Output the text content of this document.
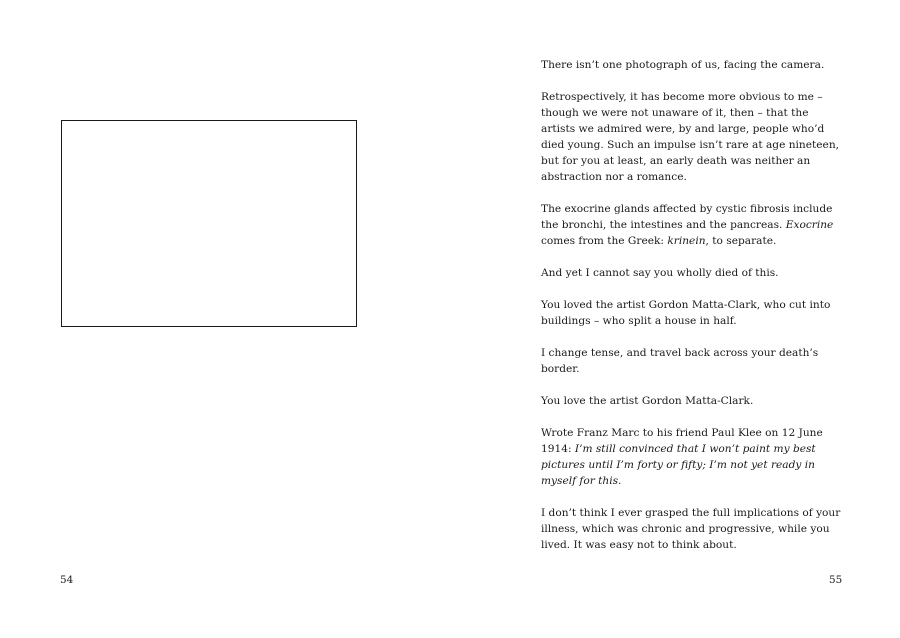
54

There isn’t one photograph of us, facing the camera.

Retrospectively, it has become more obvious to me – though we were not unaware of it, then – that the artists we admired were, by and large, people who’d died young. Such an impulse isn’t rare at age nineteen, but for you at least, an early death was neither an abstraction nor a romance.

The exocrine glands affected by cystic fibrosis include the bronchi, the intestines and the pancreas. Exocrine comes from the Greek: krinein, to separate.

And yet I cannot say you wholly died of this.

You loved the artist Gordon Matta-Clark, who cut into buildings – who split a house in half.

I change tense, and travel back across your death’s border.

You love the artist Gordon Matta-Clark.

Wrote Franz Marc to his friend Paul Klee on 12 June 1914: I’m still convinced that I won’t paint my best pictures until I’m forty or fifty; I’m not yet ready in myself for this.

I don’t think I ever grasped the full implications of your illness, which was chronic and progressive, while you lived. It was easy not to think about.

55
